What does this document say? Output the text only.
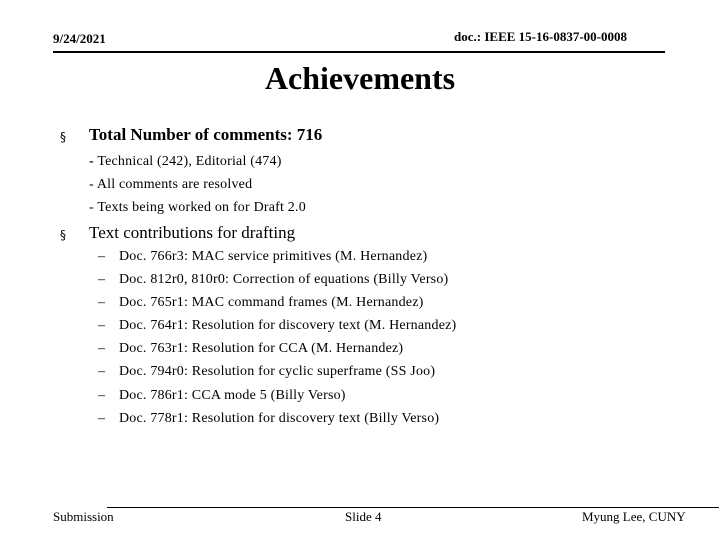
9/24/2021	doc.: IEEE 15-16-0837-00-0008
Achievements
§ Total Number of comments: 716
- Technical (242), Editorial (474)
- All comments are resolved
- Texts being worked on for Draft 2.0
§ Text contributions for drafting
– Doc. 766r3: MAC service primitives (M. Hernandez)
– Doc. 812r0, 810r0: Correction of equations (Billy Verso)
– Doc. 765r1: MAC command frames (M. Hernandez)
– Doc. 764r1: Resolution for discovery text (M. Hernandez)
– Doc. 763r1: Resolution for CCA (M. Hernandez)
– Doc. 794r0: Resolution for cyclic superframe (SS Joo)
– Doc. 786r1: CCA mode 5 (Billy Verso)
– Doc. 778r1: Resolution for discovery text (Billy Verso)
Submission	Slide 4	Myung Lee, CUNY
